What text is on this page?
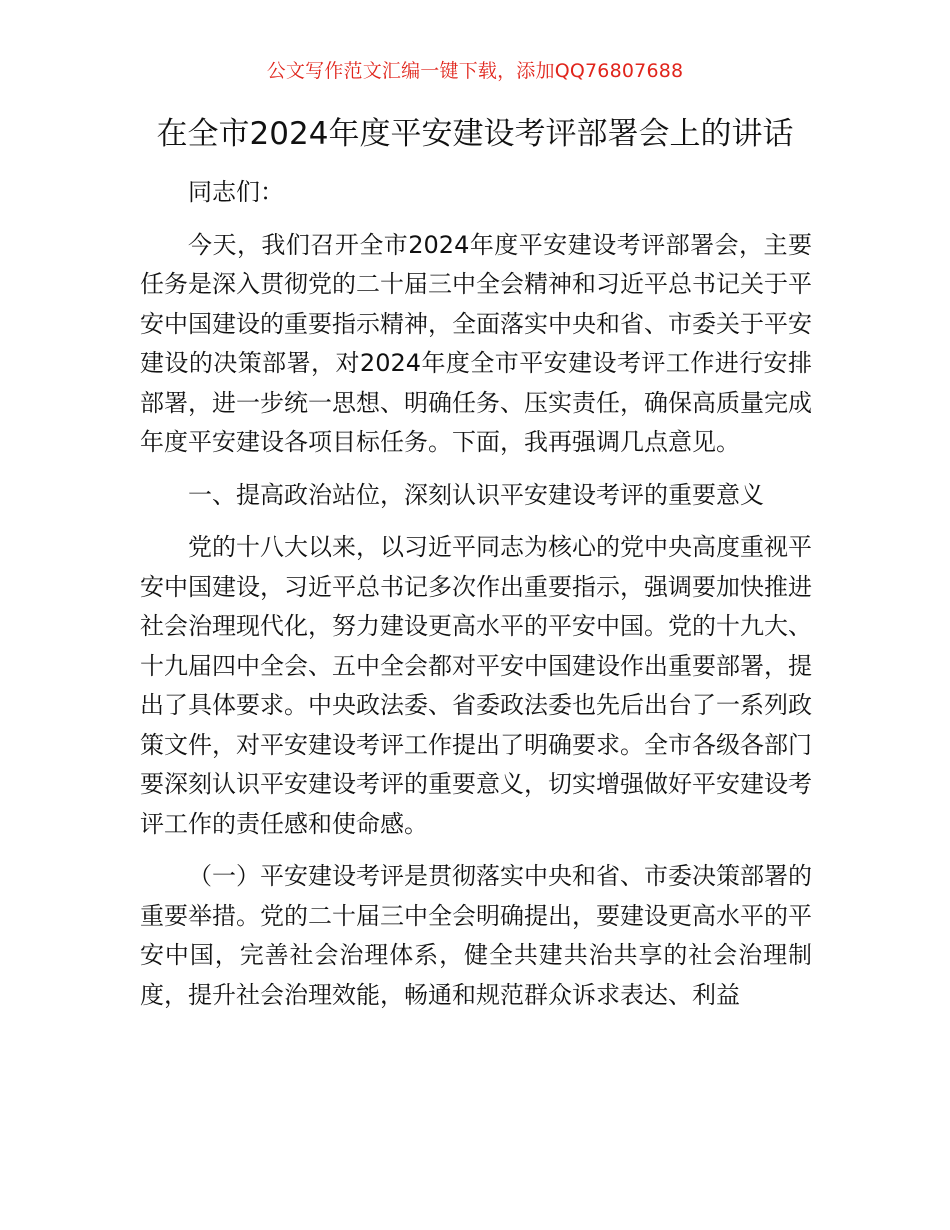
公文写作范文汇编一键下载，添加QQ76807688
在全市2024年度平安建设考评部署会上的讲话

同志们：

今天，我们召开全市2024年度平安建设考评部署会，主要任务是深入贯彻党的二十届三中全会精神和习近平总书记关于平安中国建设的重要指示精神，全面落实中央和省、市委关于平安建设的决策部署，对2024年度全市平安建设考评工作进行安排部署，进一步统一思想、明确任务、压实责任，确保高质量完成年度平安建设各项目标任务。下面，我再强调几点意见。

一、提高政治站位，深刻认识平安建设考评的重要意义

党的十八大以来，以习近平同志为核心的党中央高度重视平安中国建设，习近平总书记多次作出重要指示，强调要加快推进社会治理现代化，努力建设更高水平的平安中国。党的十九大、十九届四中全会、五中全会都对平安中国建设作出重要部署，提出了具体要求。中央政法委、省委政法委也先后出台了一系列政策文件，对平安建设考评工作提出了明确要求。全市各级各部门要深刻认识平安建设考评的重要意义，切实增强做好平安建设考评工作的责任感和使命感。

（一）平安建设考评是贯彻落实中央和省、市委决策部署的重要举措。党的二十届三中全会明确提出，要建设更高水平的平安中国，完善社会治理体系，健全共建共治共享的社会治理制度，提升社会治理效能，畅通和规范群众诉求表达、利益
